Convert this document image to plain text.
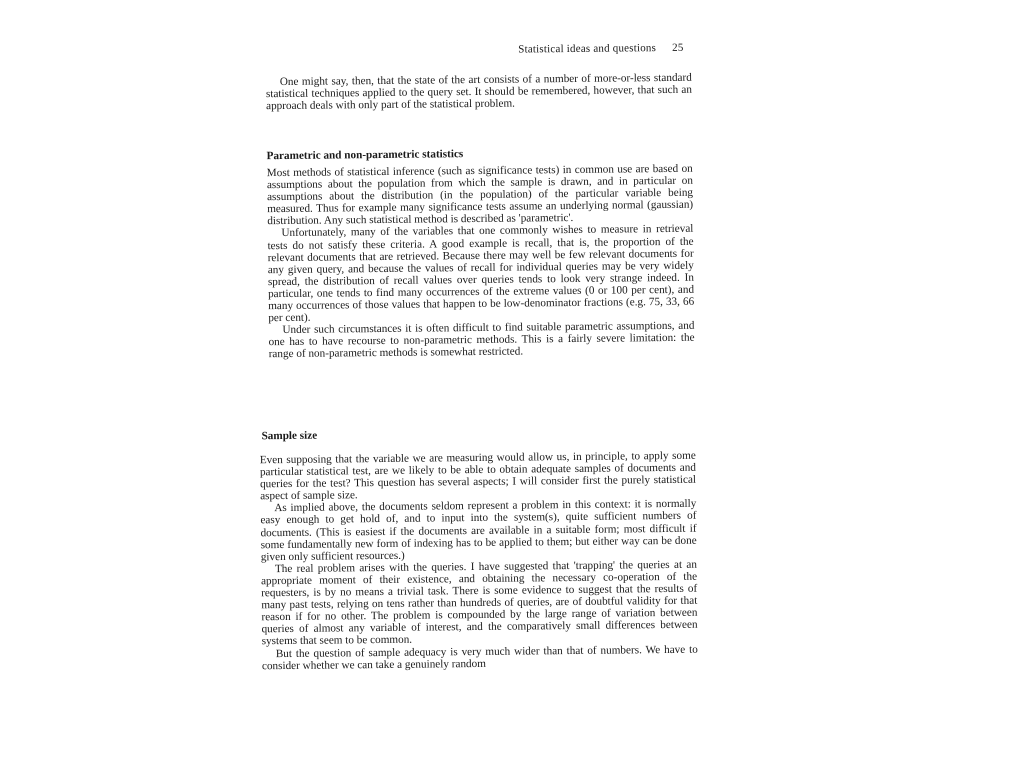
Statistical ideas and questions 25

One might say, then, that the state of the art consists of a number of more-or-less standard statistical techniques applied to the query set. It should be remembered, however, that such an approach deals with only part of the statistical problem.

Parametric and non-parametric statistics

Most methods of statistical inference (such as significance tests) in common use are based on assumptions about the population from which the sample is drawn, and in particular on assumptions about the distribution (in the population) of the particular variable being measured. Thus for example many significance tests assume an underlying normal (gaussian) distribution. Any such statistical method is described as 'parametric'.

Unfortunately, many of the variables that one commonly wishes to measure in retrieval tests do not satisfy these criteria. A good example is recall, that is, the proportion of the relevant documents that are retrieved. Because there may well be few relevant documents for any given query, and because the values of recall for individual queries may be very widely spread, the distribution of recall values over queries tends to look very strange indeed. In particular, one tends to find many occurrences of the extreme values (0 or 100 per cent), and many occurrences of those values that happen to be low-denominator fractions (e.g. 75, 33, 66 per cent).

Under such circumstances it is often difficult to find suitable parametric assumptions, and one has to have recourse to non-parametric methods. This is a fairly severe limitation: the range of non-parametric methods is somewhat restricted.

Sample size

Even supposing that the variable we are measuring would allow us, in principle, to apply some particular statistical test, are we likely to be able to obtain adequate samples of documents and queries for the test? This question has several aspects; I will consider first the purely statistical aspect of sample size.

As implied above, the documents seldom represent a problem in this context: it is normally easy enough to get hold of, and to input into the system(s), quite sufficient numbers of documents. (This is easiest if the documents are available in a suitable form; most difficult if some fundamentally new form of indexing has to be applied to them; but either way can be done given only sufficient resources.)

The real problem arises with the queries. I have suggested that 'trapping' the queries at an appropriate moment of their existence, and obtaining the necessary co-operation of the requesters, is by no means a trivial task. There is some evidence to suggest that the results of many past tests, relying on tens rather than hundreds of queries, are of doubtful validity for that reason if for no other. The problem is compounded by the large range of variation between queries of almost any variable of interest, and the comparatively small differences between systems that seem to be common.

But the question of sample adequacy is very much wider than that of numbers. We have to consider whether we can take a genuinely random
